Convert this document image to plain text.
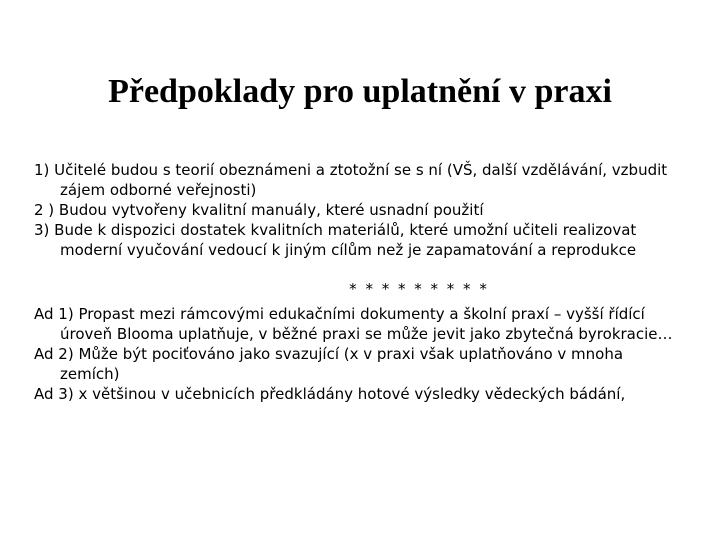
Předpoklady pro uplatnění v praxi

1) Učitelé budou s teorií obeznámeni a ztotožní se s ní (VŠ, další vzdělávání, vzbudit zájem odborné veřejnosti)

2 ) Budou vytvořeny kvalitní manuály, které usnadní použití

3) Bude k dispozici dostatek kvalitních materiálů, které umožní učiteli realizovat moderní vyučování vedoucí k jiným cílům než je zapamatování a reprodukce

* * * * * * * * *

Ad 1) Propast mezi rámcovými edukačními dokumenty a školní praxí – vyšší řídící úroveň Blooma uplatňuje, v běžné praxi se může jevit jako zbytečná byrokracie…

Ad 2) Může být pociťováno jako svazující (x v praxi však uplatňováno v mnoha zemích)

Ad 3) x většinou v učebnicích předkládány hotové výsledky vědeckých bádání,
